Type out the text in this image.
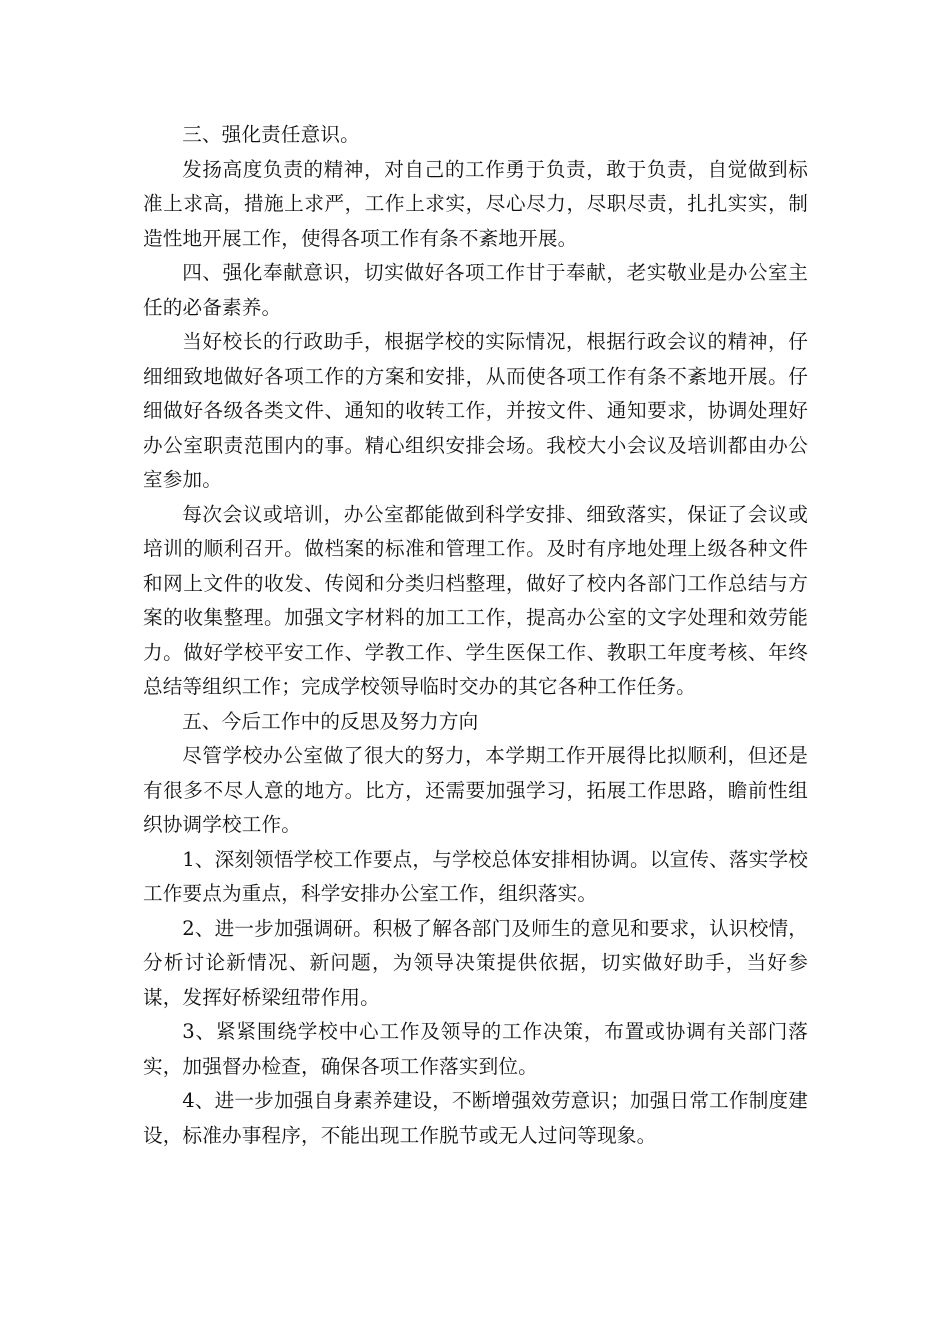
三、强化责任意识。

发扬高度负责的精神，对自己的工作勇于负责，敢于负责，自觉做到标准上求高，措施上求严，工作上求实，尽心尽力，尽职尽责，扎扎实实，制造性地开展工作，使得各项工作有条不紊地开展。

四、强化奉献意识，切实做好各项工作甘于奉献，老实敬业是办公室主任的必备素养。

当好校长的行政助手，根据学校的实际情况，根据行政会议的精神，仔细细致地做好各项工作的方案和安排，从而使各项工作有条不紊地开展。仔细做好各级各类文件、通知的收转工作，并按文件、通知要求，协调处理好办公室职责范围内的事。精心组织安排会场。我校大小会议及培训都由办公室参加。

每次会议或培训，办公室都能做到科学安排、细致落实，保证了会议或培训的顺利召开。做档案的标准和管理工作。及时有序地处理上级各种文件和网上文件的收发、传阅和分类归档整理，做好了校内各部门工作总结与方案的收集整理。加强文字材料的加工工作，提高办公室的文字处理和效劳能力。做好学校平安工作、学教工作、学生医保工作、教职工年度考核、年终总结等组织工作；完成学校领导临时交办的其它各种工作任务。

五、今后工作中的反思及努力方向

尽管学校办公室做了很大的努力，本学期工作开展得比拟顺利，但还是有很多不尽人意的地方。比方，还需要加强学习，拓展工作思路，瞻前性组织协调学校工作。

1、深刻领悟学校工作要点，与学校总体安排相协调。以宣传、落实学校工作要点为重点，科学安排办公室工作，组织落实。

2、进一步加强调研。积极了解各部门及师生的意见和要求，认识校情，分析讨论新情况、新问题，为领导决策提供依据，切实做好助手，当好参谋，发挥好桥梁纽带作用。

3、紧紧围绕学校中心工作及领导的工作决策，布置或协调有关部门落实，加强督办检查，确保各项工作落实到位。

4、进一步加强自身素养建设，不断增强效劳意识；加强日常工作制度建设，标准办事程序，不能出现工作脱节或无人过问等现象。
